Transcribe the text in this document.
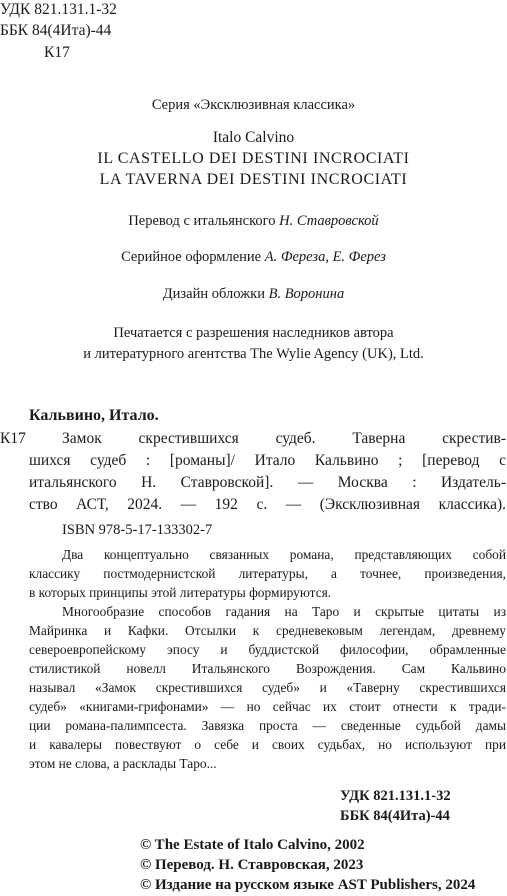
УДК 821.131.1-32
ББК 84(4Ита)-44
К17
Серия «Эксклюзивная классика»
Italo Calvino
IL CASTELLO DEI DESTINI INCROCIATI
LA TAVERNA DEI DESTINI INCROCIATI
Перевод с итальянского Н. Ставровской
Серийное оформление А. Фереза, Е. Ферез
Дизайн обложки В. Воронина
Печатается с разрешения наследников автора
и литературного агентства The Wylie Agency (UK), Ltd.
Кальвино, Итало.
К17 Замок скрестившихся судеб. Таверна скрестив-
шихся судеб : [романы]/ Итало Кальвино ; [перевод с
итальянского Н. Ставровской]. — Москва : Издатель-
ство АСТ, 2024. — 192 с. — (Эксклюзивная классика).
ISBN 978-5-17-133302-7
Два концептуально связанных романа, представляющих собой
классику постмодернистской литературы, а точнее, произведения,
в которых принципы этой литературы формируются.
Многообразие способов гадания на Таро и скрытые цитаты из
Майринка и Кафки. Отсылки к средневековым легендам, древнему
североевропейскому эпосу и буддистской философии, обрамленные
стилистикой новелл Итальянского Возрождения. Сам Кальвино
назывaл «Замок скрестившихся судеб» и «Таверну скрестившихся
судеб» «книгами-грифонами» — но сейчас их стоит отнести к тради-
ции романа-палимпсеста. Завязка проста — сведенные судьбой дамы
и кавалеры повествуют о себе и своих судьбах, но используют при
этом не слова, а расклады Таро...
УДК 821.131.1-32
ББК 84(4Ита)-44
© The Estate of Italo Calvino, 2002
© Перевод. Н. Ставровская, 2023
© Издание на русском языке AST Publishers, 2024
